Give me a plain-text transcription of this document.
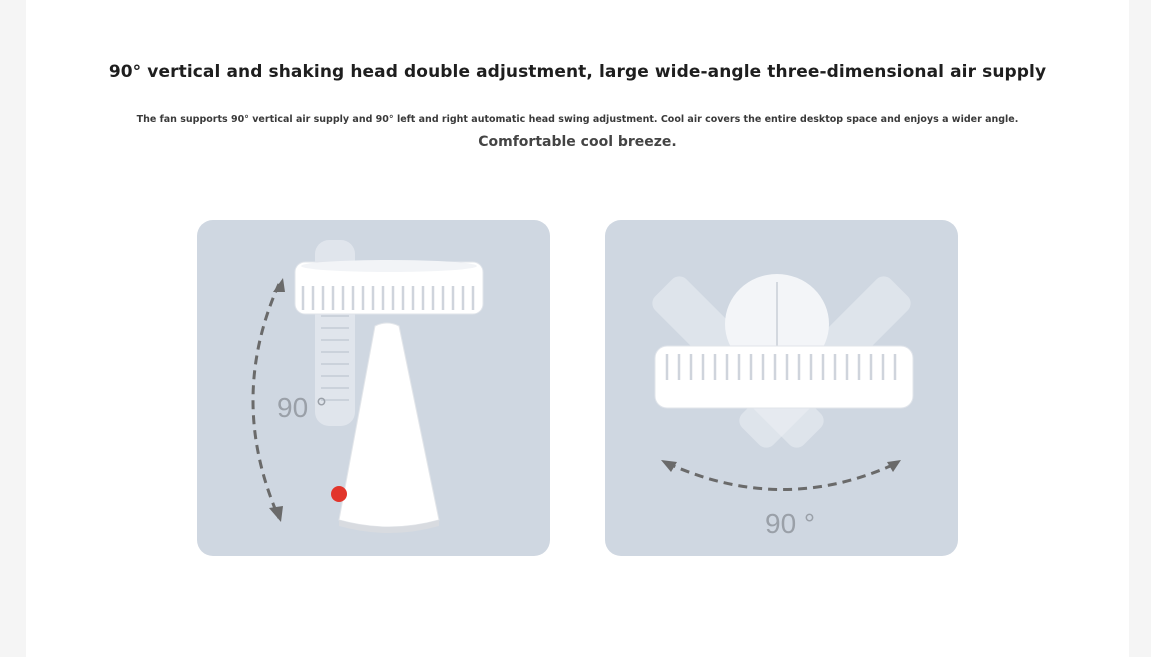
90° vertical and shaking head double adjustment, large wide-angle three-dimensional air supply
The fan supports 90° vertical air supply and 90° left and right automatic head swing adjustment. Cool air covers the entire desktop space and enjoys a wider angle.
Comfortable cool breeze.
90 °
90 °
